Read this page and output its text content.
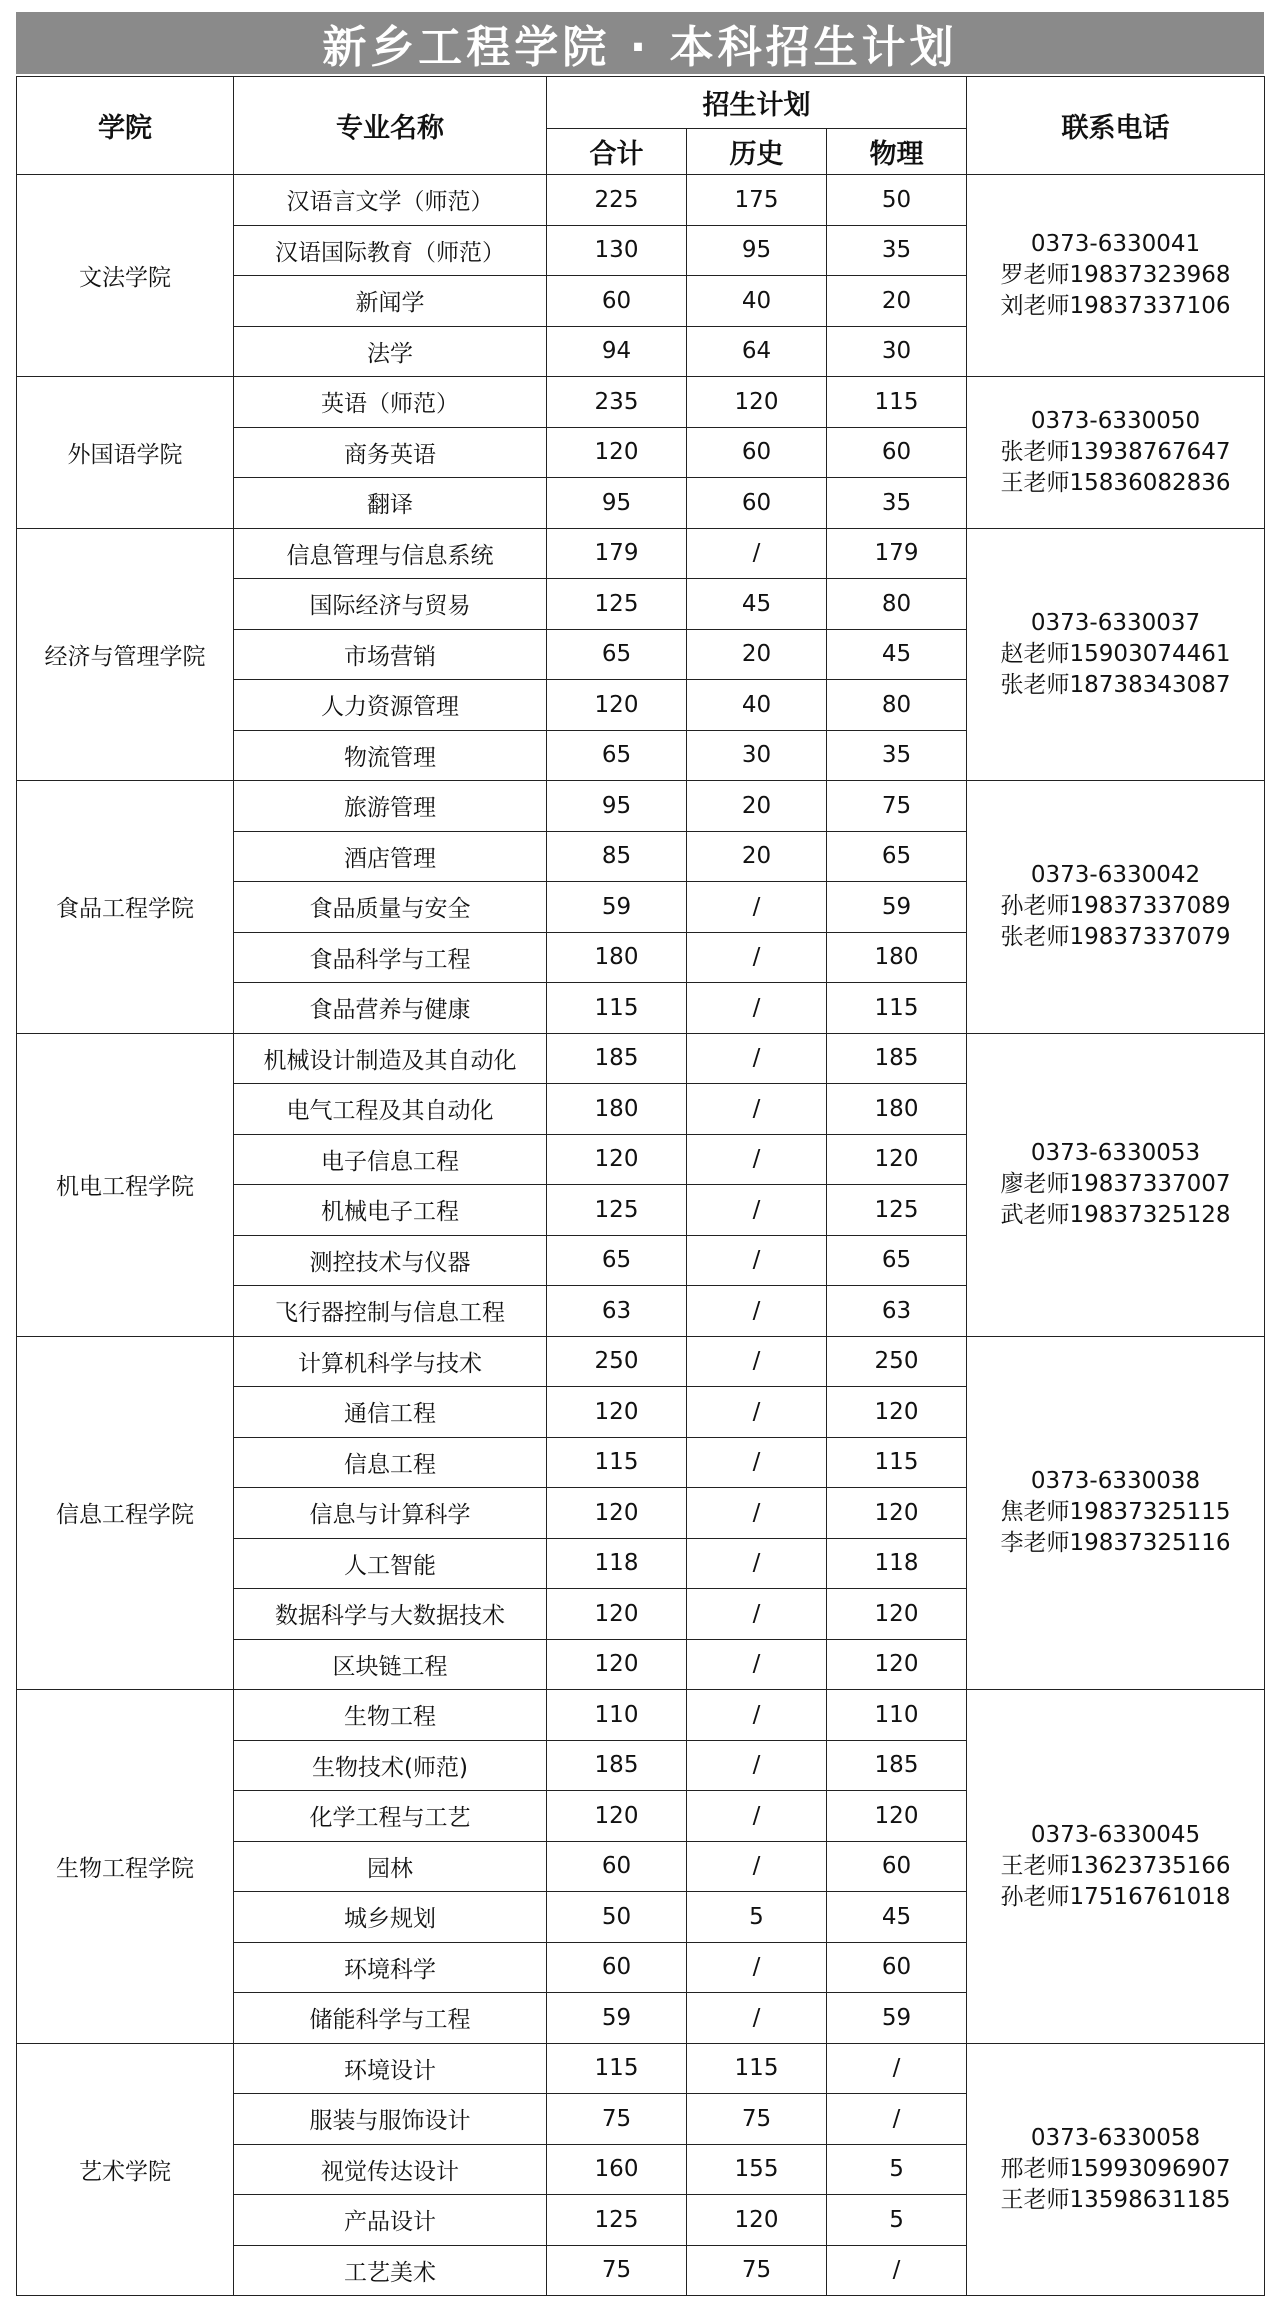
新乡工程学院 · 本科招生计划
学院	专业名称	招生计划			联系电话
		合计	历史	物理	
文法学院	汉语言文学（师范）	225	175	50	0373-6330041
罗老师19837323968
刘老师19837337106

	汉语国际教育（师范）	130	95	35	
	新闻学	60	40	20	
	法学	94	64	30	
外国语学院	英语（师范）	235	120	115	0373-6330050
张老师13938767647
王老师15836082836

	商务英语	120	60	60	
	翻译	95	60	35	
经济与管理学院	信息管理与信息系统	179	/	179	0373-6330037
赵老师15903074461
张老师18738343087

	国际经济与贸易	125	45	80	
	市场营销	65	20	45	
	人力资源管理	120	40	80	
	物流管理	65	30	35	
食品工程学院	旅游管理	95	20	75	0373-6330042
孙老师19837337089
张老师19837337079

	酒店管理	85	20	65	
	食品质量与安全	59	/	59	
	食品科学与工程	180	/	180	
	食品营养与健康	115	/	115	
机电工程学院	机械设计制造及其自动化	185	/	185	0373-6330053
廖老师19837337007
武老师19837325128

	电气工程及其自动化	180	/	180	
	电子信息工程	120	/	120	
	机械电子工程	125	/	125	
	测控技术与仪器	65	/	65	
	飞行器控制与信息工程	63	/	63	
信息工程学院	计算机科学与技术	250	/	250	0373-6330038
焦老师19837325115
李老师19837325116

	通信工程	120	/	120	
	信息工程	115	/	115	
	信息与计算科学	120	/	120	
	人工智能	118	/	118	
	数据科学与大数据技术	120	/	120	
	区块链工程	120	/	120	
生物工程学院	生物工程	110	/	110	0373-6330045
王老师13623735166
孙老师17516761018

	生物技术(师范)	185	/	185	
	化学工程与工艺	120	/	120	
	园林	60	/	60	
	城乡规划	50	5	45	
	环境科学	60	/	60	
	储能科学与工程	59	/	59	
艺术学院	环境设计	115	115	/	0373-6330058
邢老师15993096907
王老师13598631185

	服装与服饰设计	75	75	/	
	视觉传达设计	160	155	5	
	产品设计	125	120	5	
	工艺美术	75	75	/	
